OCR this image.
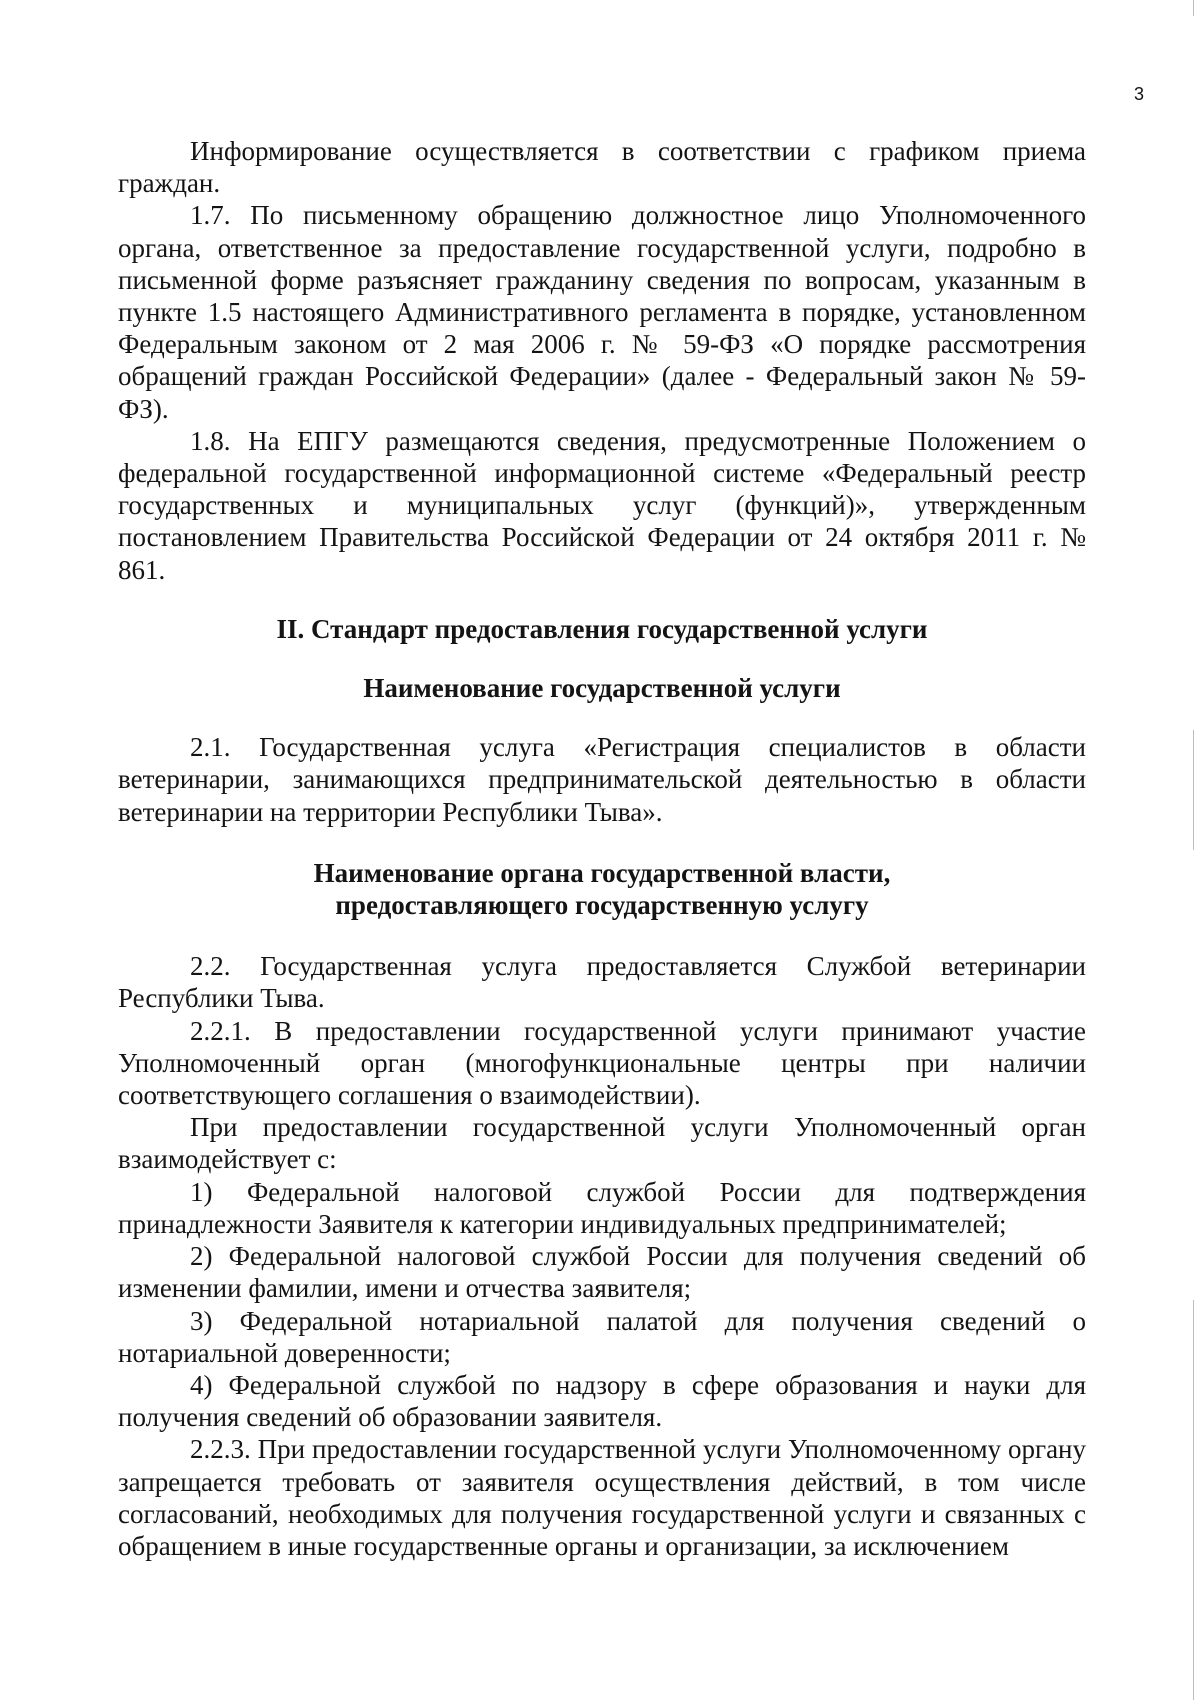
3

Информирование осуществляется в соответствии с графиком приема граждан.

1.7. По письменному обращению должностное лицо Уполномоченного органа, ответственное за предоставление государственной услуги, подробно в письменной форме разъясняет гражданину сведения по вопросам, указанным в пункте 1.5 настоящего Административного регламента в порядке, установленном Федеральным законом от 2 мая 2006 г. № 59-ФЗ «О порядке рассмотрения обращений граждан Российской Федерации» (далее - Федеральный закон № 59-ФЗ).

1.8. На ЕПГУ размещаются сведения, предусмотренные Положением о федеральной государственной информационной системе «Федеральный реестр государственных и муниципальных услуг (функций)», утвержденным постановлением Правительства Российской Федерации от 24 октября 2011 г. № 861.

II. Стандарт предоставления государственной услуги
Наименование государственной услуги

2.1. Государственная услуга «Регистрация специалистов в области ветеринарии, занимающихся предпринимательской деятельностью в области ветеринарии на территории Республики Тыва».

Наименование органа государственной власти,
предоставляющего государственную услугу

2.2. Государственная услуга предоставляется Службой ветеринарии Республики Тыва.

2.2.1. В предоставлении государственной услуги принимают участие Уполномоченный орган (многофункциональные центры при наличии соответствующего соглашения о взаимодействии).

При предоставлении государственной услуги Уполномоченный орган взаимодействует с:

1) Федеральной налоговой службой России для подтверждения принадлежности Заявителя к категории индивидуальных предпринимателей;

2) Федеральной налоговой службой России для получения сведений об изменении фамилии, имени и отчества заявителя;

3) Федеральной нотариальной палатой для получения сведений о нотариальной доверенности;

4) Федеральной службой по надзору в сфере образования и науки для получения сведений об образовании заявителя.

2.2.3. При предоставлении государственной услуги Уполномоченному органу запрещается требовать от заявителя осуществления действий, в том числе согласований, необходимых для получения государственной услуги и связанных с обращением в иные государственные органы и организации, за исключением
